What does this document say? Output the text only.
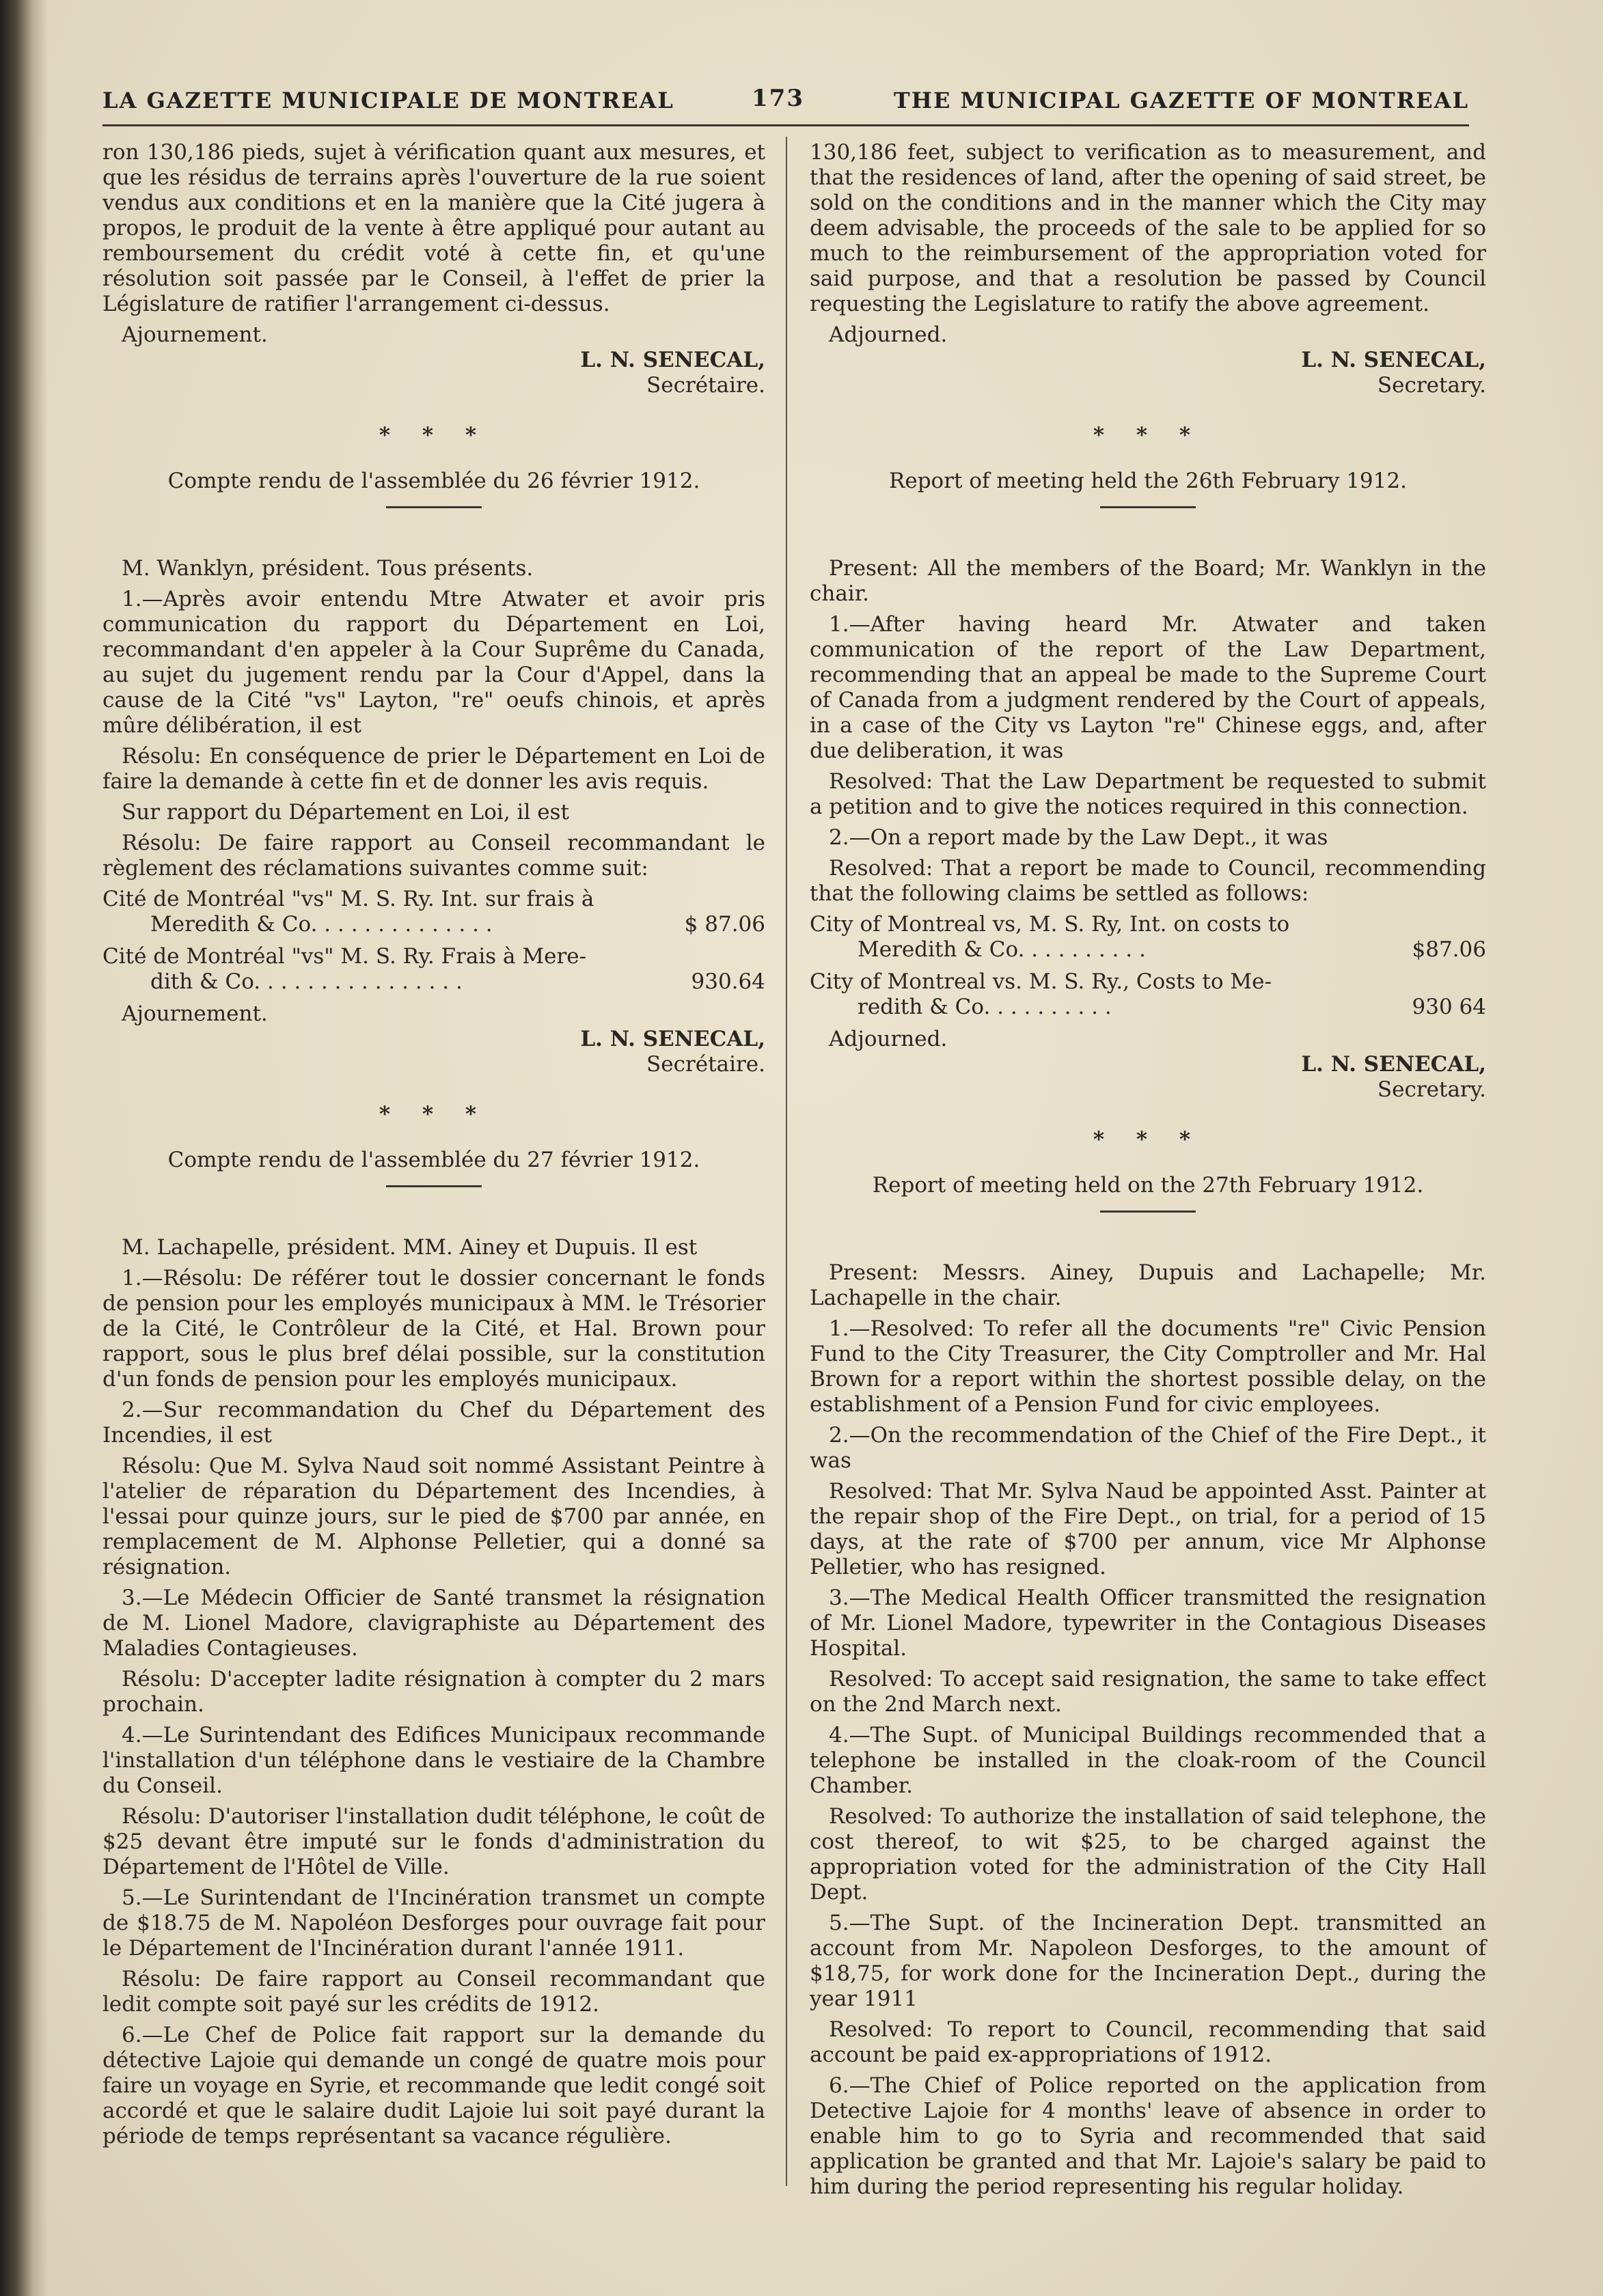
LA GAZETTE MUNICIPALE DE MONTREAL	173	THE MUNICIPAL GAZETTE OF MONTREAL

ron 130,186 pieds, sujet à vérification quant aux mesures, et que les résidus de terrains après l'ouverture de la rue soient vendus aux conditions et en la manière que la Cité jugera à propos, le produit de la vente à être appliqué pour autant au remboursement du crédit voté à cette fin, et qu'une résolution soit passée par le Conseil, à l'effet de prier la Législature de ratifier l'arrangement ci-dessus.

Ajournement.

L. N. SENECAL,

Secrétaire.

* * *

Compte rendu de l'assemblée du 26 février 1912.

M. Wanklyn, président. Tous présents.

1.—Après avoir entendu Mtre Atwater et avoir pris communication du rapport du Département en Loi, recommandant d'en appeler à la Cour Suprême du Canada, au sujet du jugement rendu par la Cour d'Appel, dans la cause de la Cité "vs" Layton, "re" oeufs chinois, et après mûre délibération, il est

Résolu: En conséquence de prier le Département en Loi de faire la demande à cette fin et de donner les avis requis.

Sur rapport du Département en Loi, il est

Résolu: De faire rapport au Conseil recommandant le règlement des réclamations suivantes comme suit:

Cité de Montréal "vs" M. S. Ry. Int. sur frais à
Meredith & Co. . . . . . . . . . . . . .	$ 87.06
Cité de Montréal "vs" M. S. Ry. Frais à Mere-
dith & Co. . . . . . . . . . . . . . . .	930.64

Ajournement.

L. N. SENECAL,

Secrétaire.

* * *

Compte rendu de l'assemblée du 27 février 1912.

M. Lachapelle, président. MM. Ainey et Dupuis. Il est

1.—Résolu: De référer tout le dossier concernant le fonds de pension pour les employés municipaux à MM. le Trésorier de la Cité, le Contrôleur de la Cité, et Hal. Brown pour rapport, sous le plus bref délai possible, sur la constitution d'un fonds de pension pour les employés municipaux.

2.—Sur recommandation du Chef du Département des Incendies, il est

Résolu: Que M. Sylva Naud soit nommé Assistant Peintre à l'atelier de réparation du Département des Incendies, à l'essai pour quinze jours, sur le pied de $700 par année, en remplacement de M. Alphonse Pelletier, qui a donné sa résignation.

3.—Le Médecin Officier de Santé transmet la résignation de M. Lionel Madore, clavigraphiste au Département des Maladies Contagieuses.

Résolu: D'accepter ladite résignation à compter du 2 mars prochain.

4.—Le Surintendant des Edifices Municipaux recommande l'installation d'un téléphone dans le vestiaire de la Chambre du Conseil.

Résolu: D'autoriser l'installation dudit téléphone, le coût de $25 devant être imputé sur le fonds d'administration du Département de l'Hôtel de Ville.

5.—Le Surintendant de l'Incinération transmet un compte de $18.75 de M. Napoléon Desforges pour ouvrage fait pour le Département de l'Incinération durant l'année 1911.

Résolu: De faire rapport au Conseil recommandant que ledit compte soit payé sur les crédits de 1912.

6.—Le Chef de Police fait rapport sur la demande du détective Lajoie qui demande un congé de quatre mois pour faire un voyage en Syrie, et recommande que ledit congé soit accordé et que le salaire dudit Lajoie lui soit payé durant la période de temps représentant sa vacance régulière.

130,186 feet, subject to verification as to measurement, and that the residences of land, after the opening of said street, be sold on the conditions and in the manner which the City may deem advisable, the proceeds of the sale to be applied for so much to the reimbursement of the appropriation voted for said purpose, and that a resolution be passed by Council requesting the Legislature to ratify the above agreement.

Adjourned.

L. N. SENECAL,

Secretary.

* * *

Report of meeting held the 26th February 1912.

Present: All the members of the Board; Mr. Wanklyn in the chair.

1.—After having heard Mr. Atwater and taken communication of the report of the Law Department, recommending that an appeal be made to the Supreme Court of Canada from a judgment rendered by the Court of appeals, in a case of the City vs Layton "re" Chinese eggs, and, after due deliberation, it was

Resolved: That the Law Department be requested to submit a petition and to give the notices required in this connection.

2.—On a report made by the Law Dept., it was

Resolved: That a report be made to Council, recommending that the following claims be settled as follows:

City of Montreal vs, M. S. Ry, Int. on costs to
Meredith & Co. . . . . . . . . .	$87.06
City of Montreal vs. M. S. Ry., Costs to Me-
redith & Co. . . . . . . . . .	930 64

Adjourned.

L. N. SENECAL,

Secretary.

* * *

Report of meeting held on the 27th February 1912.

Present: Messrs. Ainey, Dupuis and Lachapelle; Mr. Lachapelle in the chair.

1.—Resolved: To refer all the documents "re" Civic Pension Fund to the City Treasurer, the City Comptroller and Mr. Hal Brown for a report within the shortest possible delay, on the establishment of a Pension Fund for civic employees.

2.—On the recommendation of the Chief of the Fire Dept., it was

Resolved: That Mr. Sylva Naud be appointed Asst. Painter at the repair shop of the Fire Dept., on trial, for a period of 15 days, at the rate of $700 per annum, vice Mr Alphonse Pelletier, who has resigned.

3.—The Medical Health Officer transmitted the resignation of Mr. Lionel Madore, typewriter in the Contagious Diseases Hospital.

Resolved: To accept said resignation, the same to take effect on the 2nd March next.

4.—The Supt. of Municipal Buildings recommended that a telephone be installed in the cloak-room of the Council Chamber.

Resolved: To authorize the installation of said telephone, the cost thereof, to wit $25, to be charged against the appropriation voted for the administration of the City Hall Dept.

5.—The Supt. of the Incineration Dept. transmitted an account from Mr. Napoleon Desforges, to the amount of $18,75, for work done for the Incineration Dept., during the year 1911

Resolved: To report to Council, recommending that said account be paid ex-appropriations of 1912.

6.—The Chief of Police reported on the application from Detective Lajoie for 4 months' leave of absence in order to enable him to go to Syria and recommended that said application be granted and that Mr. Lajoie's salary be paid to him during the period representing his regular holiday.
